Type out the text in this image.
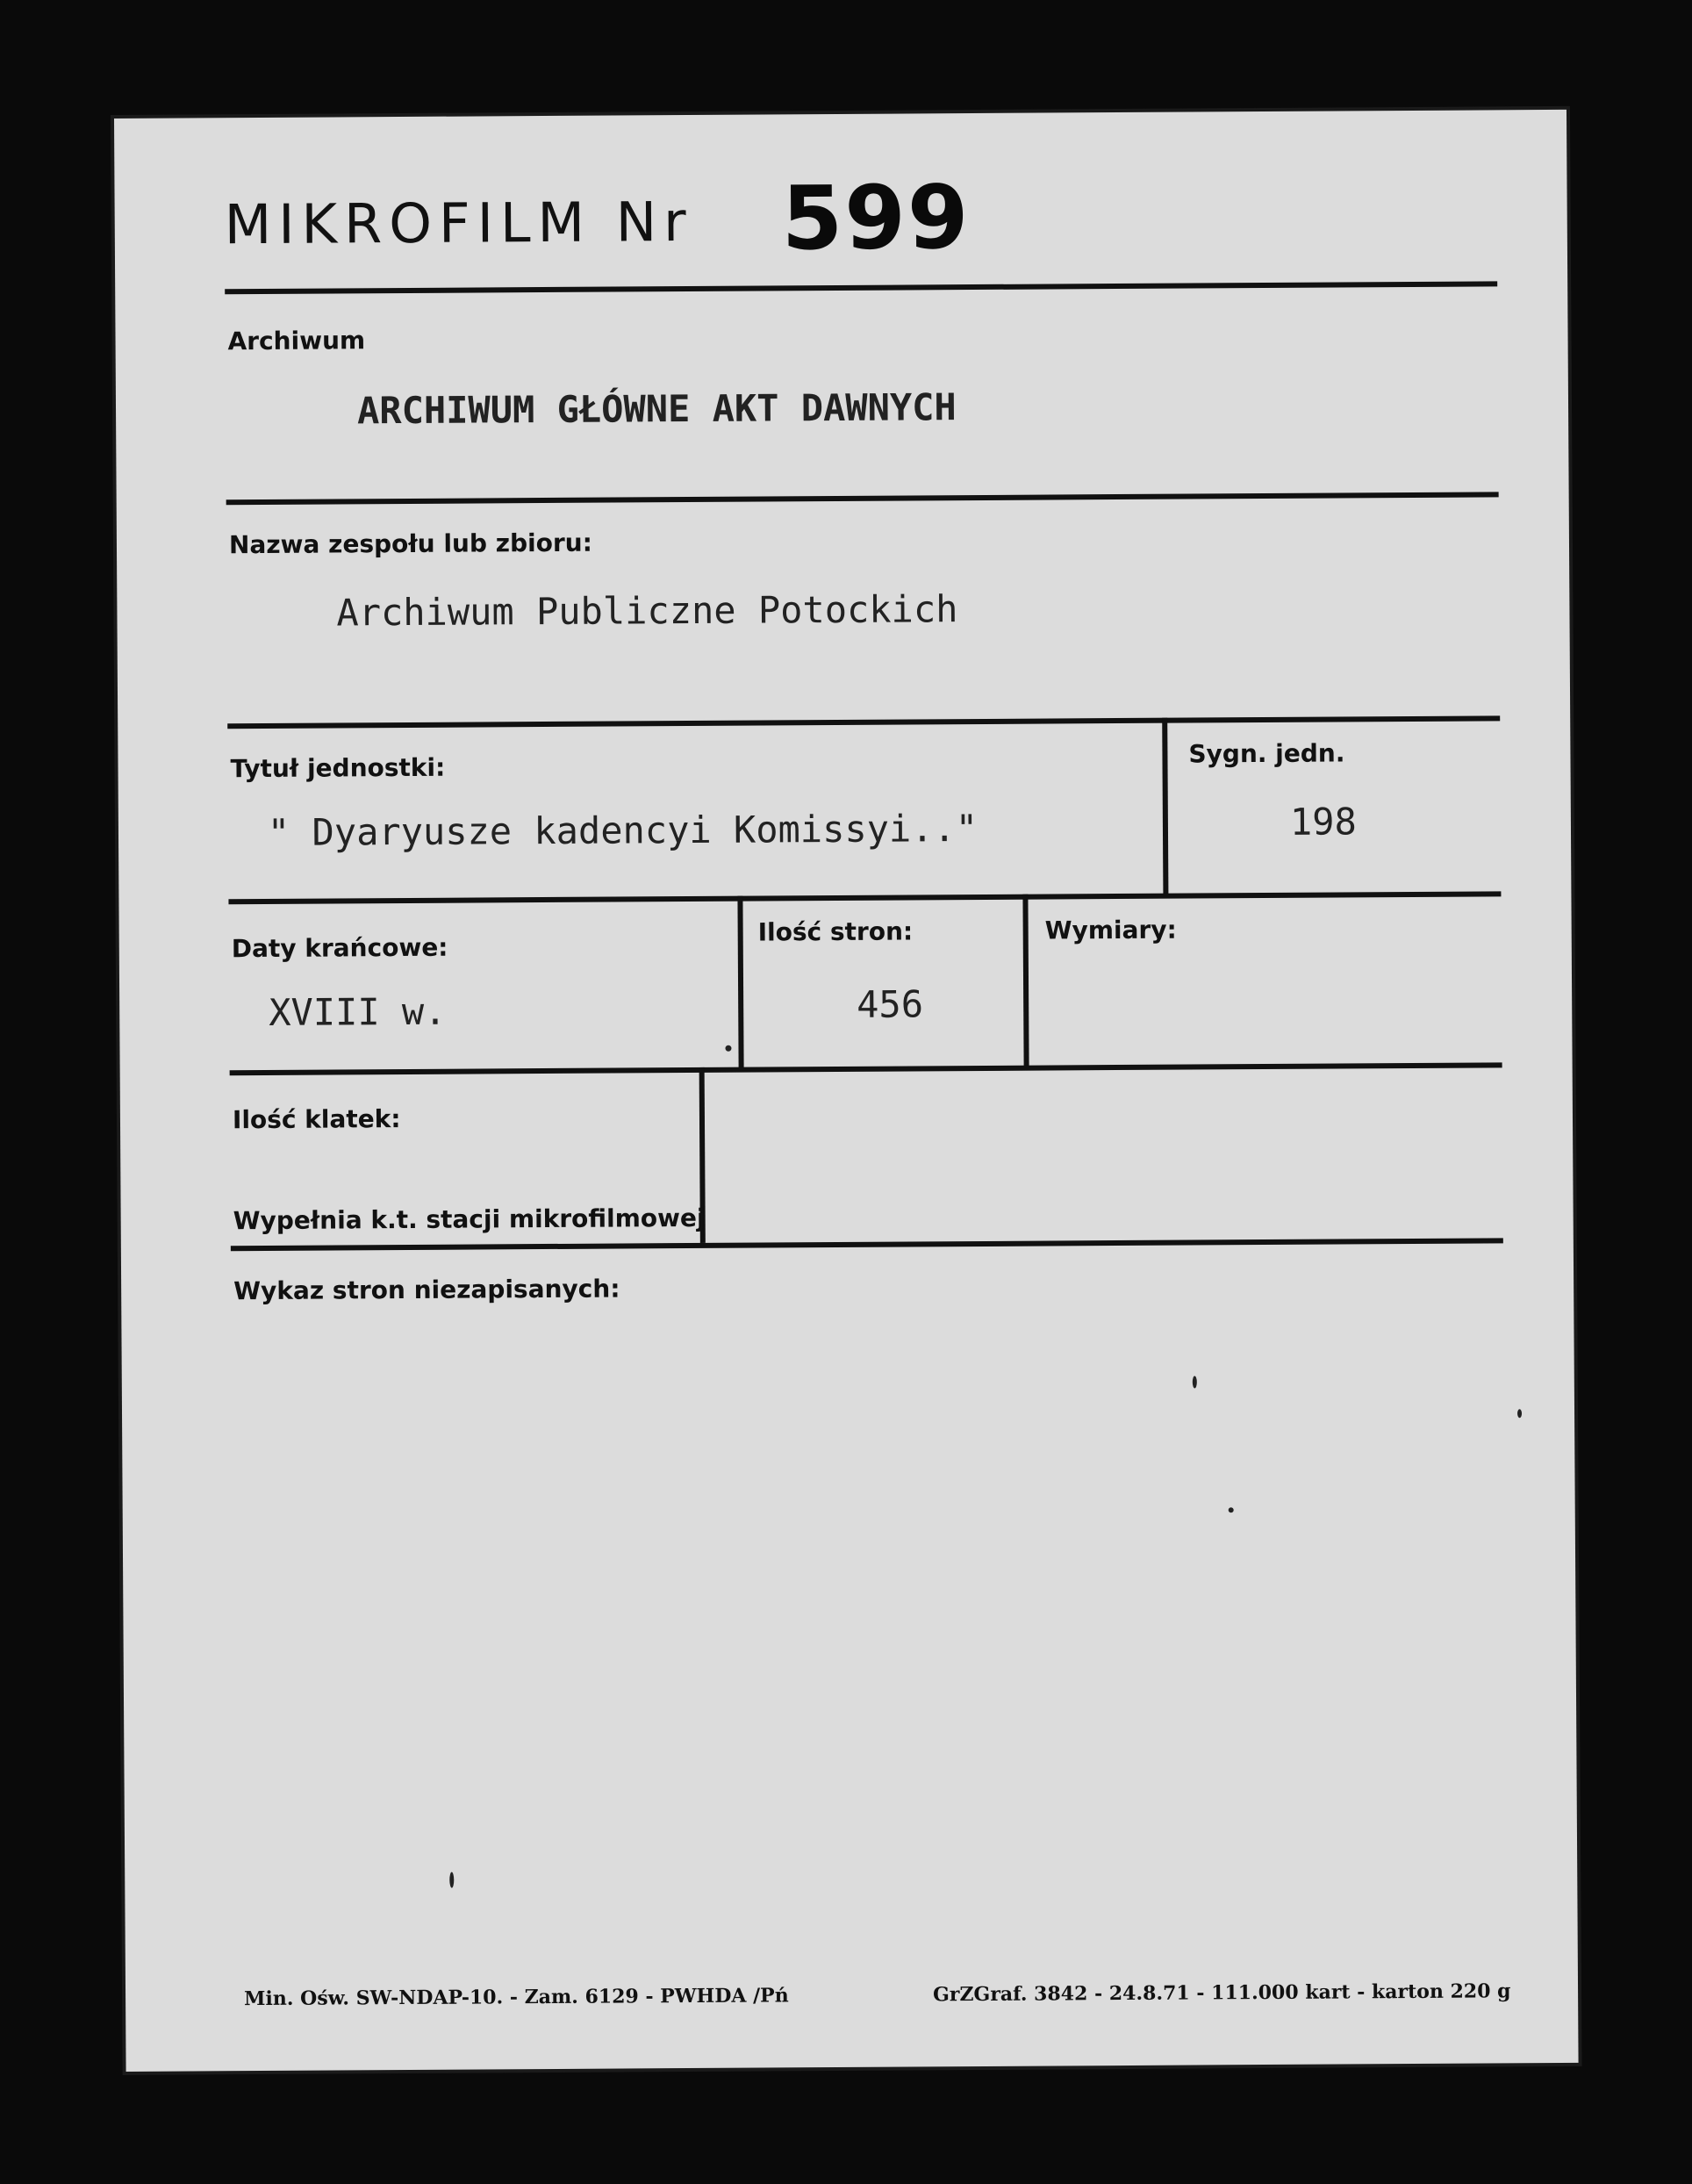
MIKROFILM Nr 599
Archiwum
ARCHIWUM GŁÓWNE AKT DAWNYCH
Nazwa zespołu lub zbioru:
Archiwum Publiczne Potockich
Tytuł jednostki:
" Dyaryusze kadencyi Komissyi.."
Sygn. jedn.
198
Daty krańcowe:
XVIII w.
Ilość stron:
456
Wymiary:
Ilość klatek:
Wypełnia k.t. stacji mikrofilmowej
Wykaz stron niezapisanych:
Min. Ośw. SW-NDAP-10. - Zam. 6129 - PWHDA /Pń	GrZGraf. 3842 - 24.8.71 - 111.000 kart - karton 220 g
